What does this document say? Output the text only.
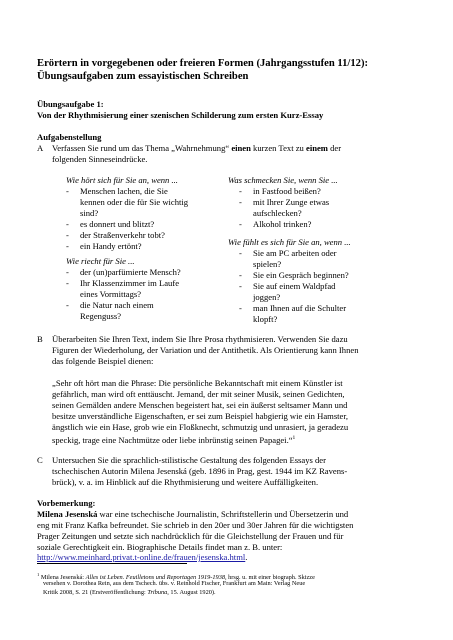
Erörtern in vorgegebenen oder freieren Formen (Jahrgangsstufen 11/12):
Übungsaufgaben zum essayistischen Schreiben
Übungsaufgabe 1:
Von der Rhythmisierung einer szenischen Schilderung zum ersten Kurz-Essay
Aufgabenstellung
A Verfassen Sie rund um das Thema „Wahrnehmung“ einen kurzen Text zu einem der
folgenden Sinneseindrücke.
Wie hört sich für Sie an, wenn ...
- Menschen lachen, die Sie
kennen oder die für Sie wichtig
sind?
- es donnert und blitzt?
- der Straßenverkehr tobt?
- ein Handy ertönt?
Wie riecht für Sie ...
- der (un)parfümierte Mensch?
- Ihr Klassenzimmer im Laufe
eines Vormittags?
- die Natur nach einem
Regenguss?
Was schmecken Sie, wenn Sie ...
- in Fastfood beißen?
- mit Ihrer Zunge etwas
aufschlecken?
- Alkohol trinken?
Wie fühlt es sich für Sie an, wenn ...
- Sie am PC arbeiten oder
spielen?
- Sie ein Gespräch beginnen?
- Sie auf einem Waldpfad
joggen?
- man Ihnen auf die Schulter
klopft?
B Überarbeiten Sie Ihren Text, indem Sie Ihre Prosa rhythmisieren. Verwenden Sie dazu
Figuren der Wiederholung, der Variation und der Antithetik. Als Orientierung kann Ihnen
das folgende Beispiel dienen:
„Sehr oft hört man die Phrase: Die persönliche Bekanntschaft mit einem Künstler ist
gefährlich, man wird oft enttäuscht. Jemand, der mit seiner Musik, seinen Gedichten,
seinen Gemälden andere Menschen begeistert hat, sei ein äußerst seltsamer Mann und
besitze unverständliche Eigenschaften, er sei zum Beispiel habgierig wie ein Hamster,
ängstlich wie ein Hase, grob wie ein Floßknecht, schmutzig und unrasiert, ja geradezu
speckig, trage eine Nachtmütze oder liebe inbrünstig seinen Papagei.“$^1$
C Untersuchen Sie die sprachlich-stilistische Gestaltung des folgenden Essays der
tschechischen Autorin Milena Jesenská (geb. 1896 in Prag, gest. 1944 im KZ Ravens-
brück), v. a. im Hinblick auf die Rhythmisierung und weitere Auffälligkeiten.
Vorbemerkung:
Milena Jesenská war eine tschechische Journalistin, Schriftstellerin und Übersetzerin und
eng mit Franz Kafka befreundet. Sie schrieb in den 20er und 30er Jahren für die wichtigsten
Prager Zeitungen und setzte sich nachdrücklich für die Gleichstellung der Frauen und für
soziale Gerechtigkeit ein. Biographische Details findet man z. B. unter:
http://www.meinhard.privat.t-online.de/frauen/jesenska.html.
$^1$ Milena Jesenská: Alles ist Leben. Feuilletons und Reportagen 1919-1938, hrsg. u. mit einer biograph. Skizze
versehen v. Dorothea Rein, aus dem Tschech. übs. v. Reinhold Fischer, Frankfurt am Main: Verlag Neue
Kritik 2008, S. 21 (Erstveröffentlichung: Tribuna, 15. August 1920).
